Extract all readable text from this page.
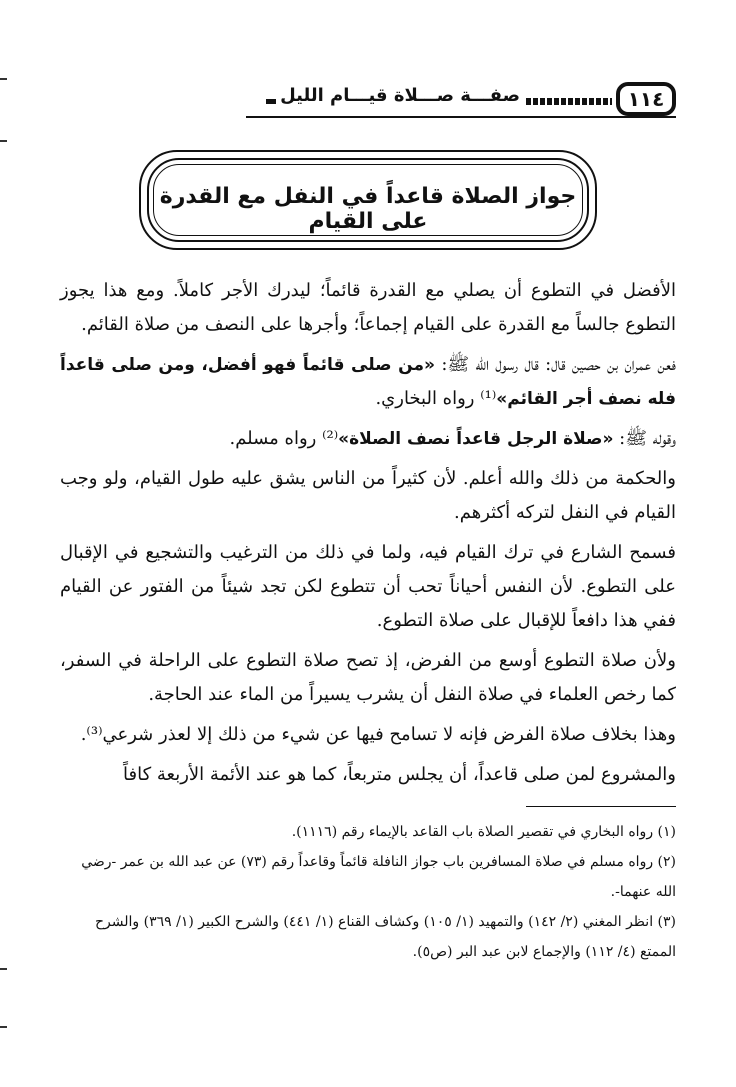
١١٤
صفـــة صـــلاة قيـــام الليل
جواز الصلاة قاعداً في النفل مع القدرة على القيام

الأفضل في التطوع أن يصلي مع القدرة قائماً؛ ليدرك الأجر كاملاً. ومع هذا يجوز التطوع جالساً مع القدرة على القيام إجماعاً؛ وأجرها على النصف من صلاة القائم.

فعن عمران بن حصين قال: قال رسول الله ﷺ: «من صلى قائماً فهو أفضل، ومن صلى قاعداً فله نصف أجر القائم»⁽¹⁾ رواه البخاري.

وقوله ﷺ: «صلاة الرجل قاعداً نصف الصلاة»⁽²⁾ رواه مسلم.

والحكمة من ذلك والله أعلم. لأن كثيراً من الناس يشق عليه طول القيام، ولو وجب القيام في النفل لتركه أكثرهم.

فسمح الشارع في ترك القيام فيه، ولما في ذلك من الترغيب والتشجيع في الإقبال على التطوع. لأن النفس أحياناً تحب أن تتطوع لكن تجد شيئاً من الفتور عن القيام ففي هذا دافعاً للإقبال على صلاة التطوع.

ولأن صلاة التطوع أوسع من الفرض، إذ تصح صلاة التطوع على الراحلة في السفر، كما رخص العلماء في صلاة النفل أن يشرب يسيراً من الماء عند الحاجة.

وهذا بخلاف صلاة الفرض فإنه لا تسامح فيها عن شيء من ذلك إلا لعذر شرعي⁽³⁾.

والمشروع لمن صلى قاعداً، أن يجلس متربعاً، كما هو عند الأئمة الأربعة كافاً

(١) رواه البخاري في تقصير الصلاة باب القاعد بالإيماء رقم (١١١٦).

(٢) رواه مسلم في صلاة المسافرين باب جواز النافلة قائماً وقاعداً رقم (٧٣) عن عبد الله بن عمر -رضي الله عنهما-.

(٣) انظر المغني (٢/ ١٤٢) والتمهيد (١/ ١٠٥) وكشاف القناع (١/ ٤٤١) والشرح الكبير (١/ ٣٦٩) والشرح الممتع (٤/ ١١٢) والإجماع لابن عبد البر (ص٥).
